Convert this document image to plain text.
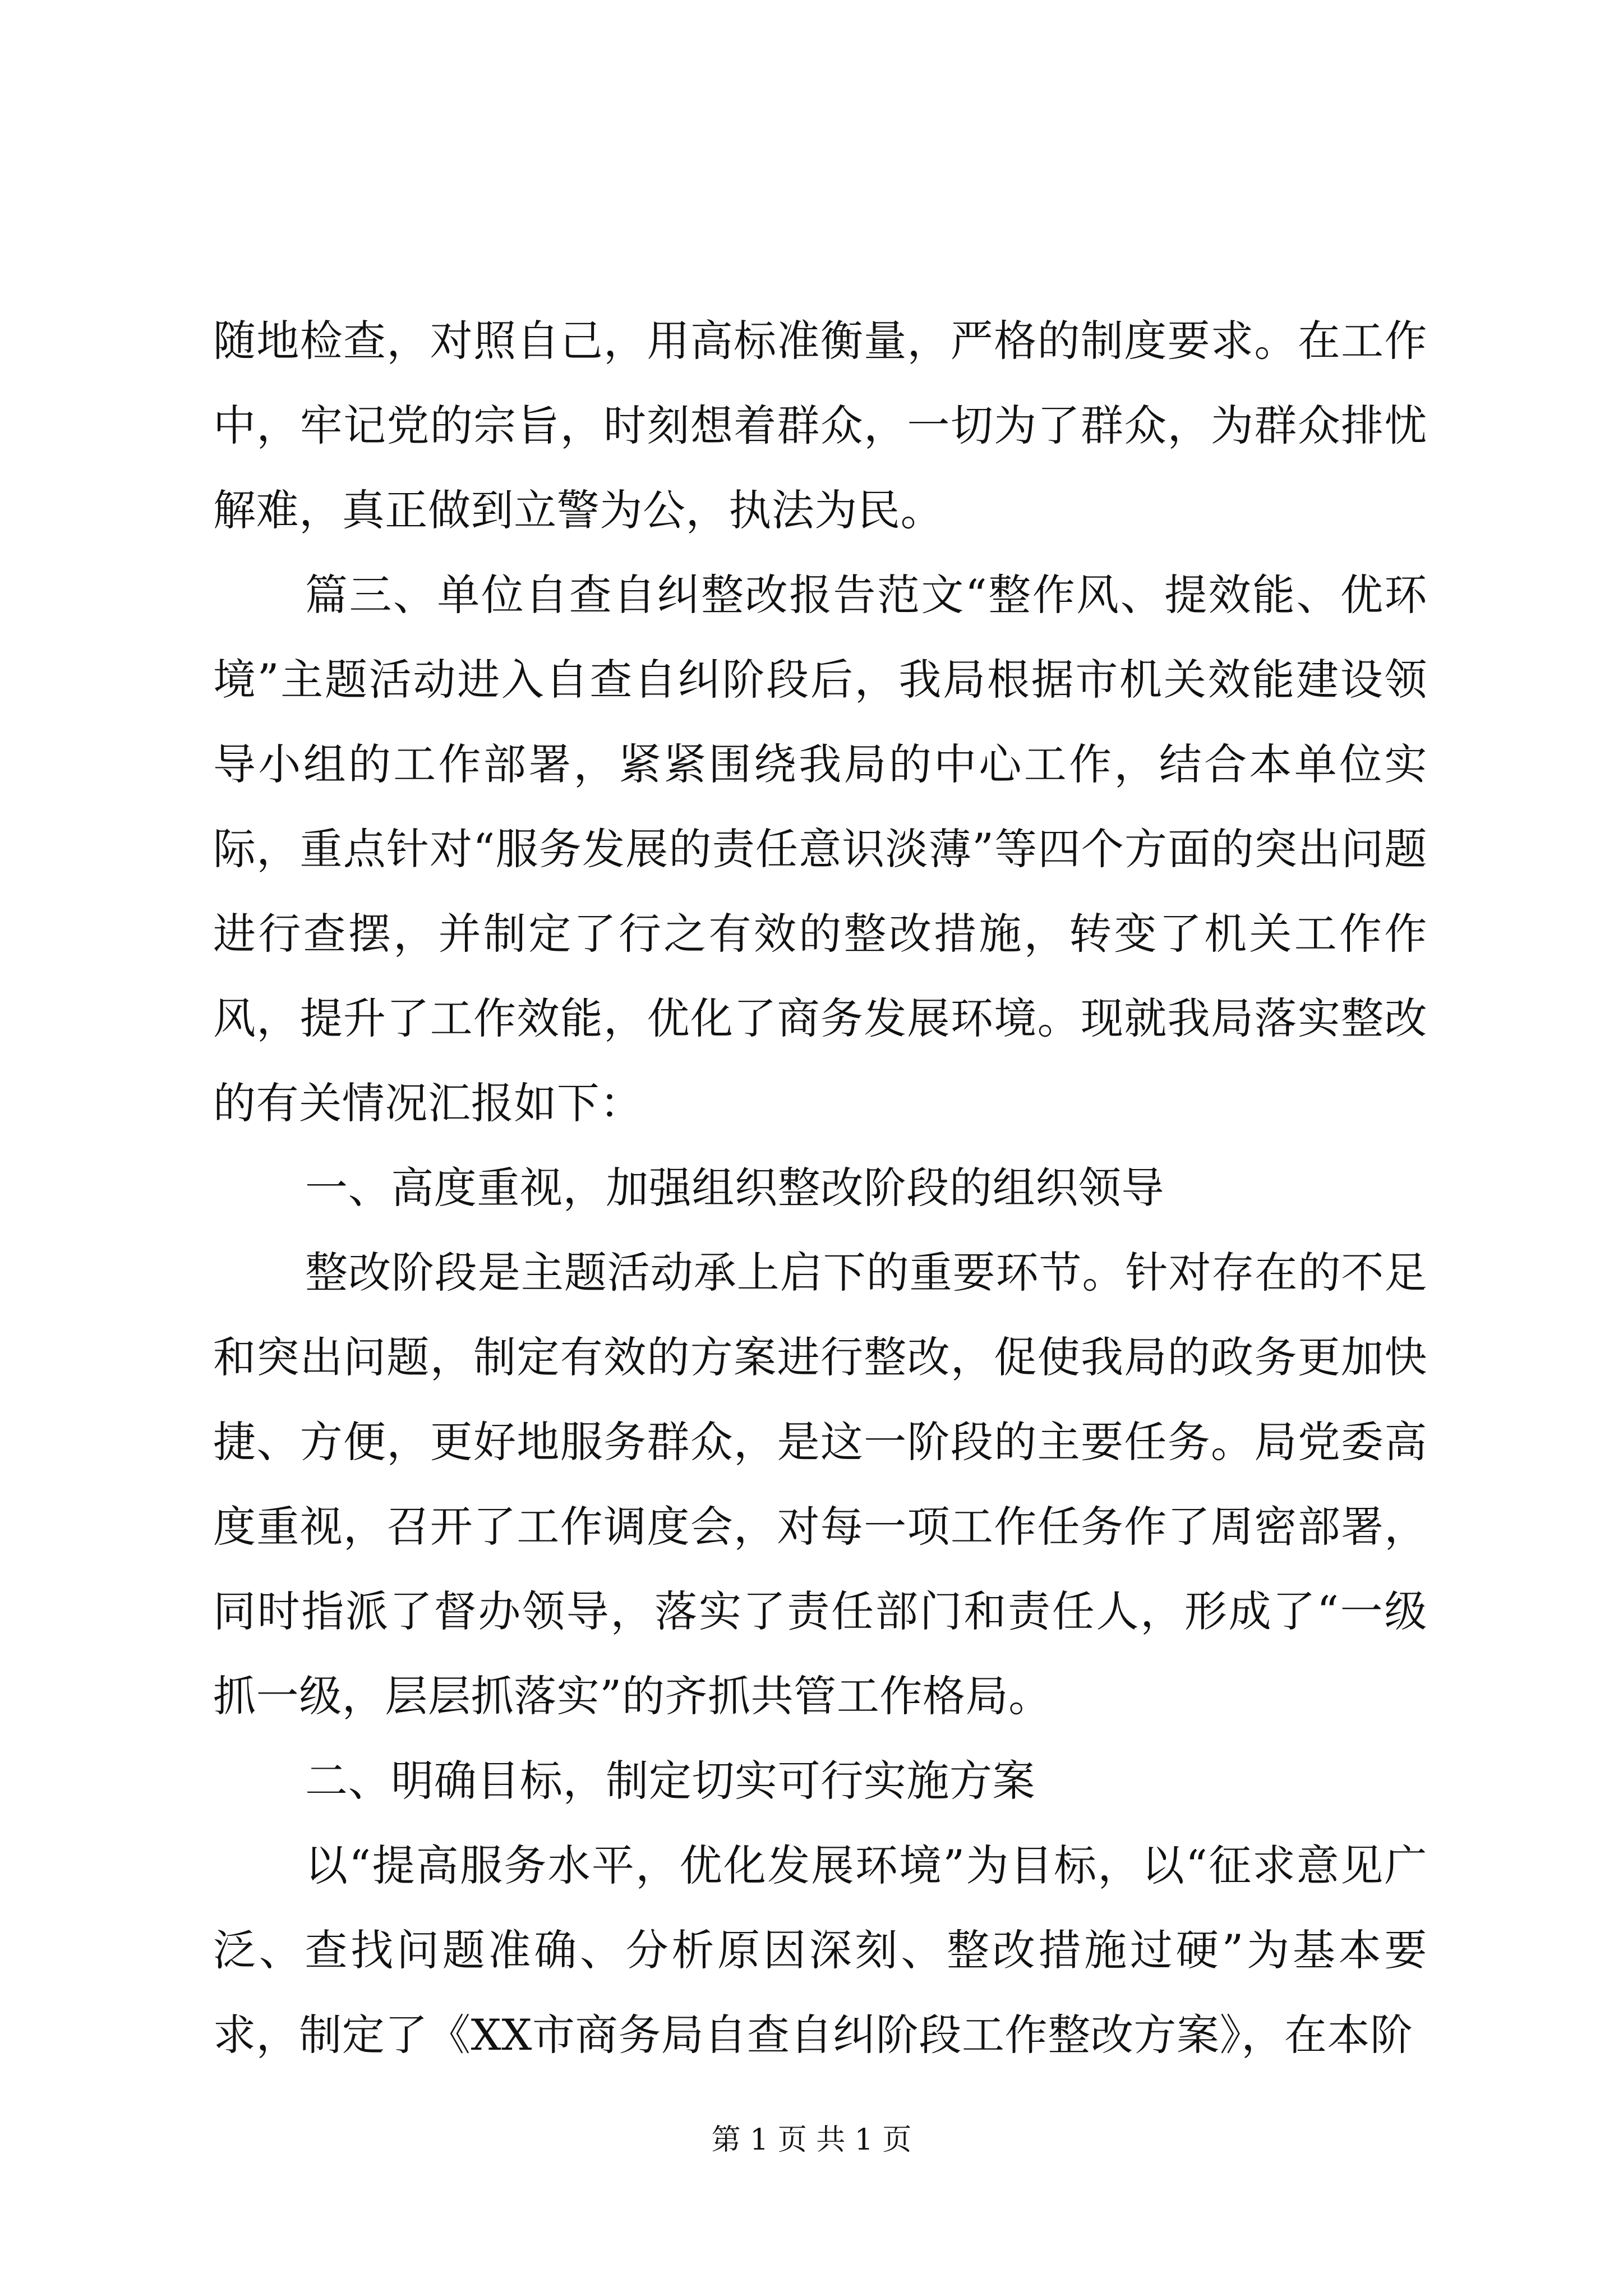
随地检查，对照自己，用高标准衡量，严格的制度要求。在工作中，牢记党的宗旨，时刻想着群众，一切为了群众，为群众排忧解难，真正做到立警为公，执法为民。

篇三、单位自查自纠整改报告范文“整作风、提效能、优环境”主题活动进入自查自纠阶段后，我局根据市机关效能建设领导小组的工作部署，紧紧围绕我局的中心工作，结合本单位实际，重点针对“服务发展的责任意识淡薄”等四个方面的突出问题进行查摆，并制定了行之有效的整改措施，转变了机关工作作风，提升了工作效能，优化了商务发展环境。现就我局落实整改的有关情况汇报如下：

一、高度重视，加强组织整改阶段的组织领导

整改阶段是主题活动承上启下的重要环节。针对存在的不足和突出问题，制定有效的方案进行整改，促使我局的政务更加快捷、方便，更好地服务群众，是这一阶段的主要任务。局党委高度重视，召开了工作调度会，对每一项工作任务作了周密部署，同时指派了督办领导，落实了责任部门和责任人，形成了“一级抓一级，层层抓落实”的齐抓共管工作格局。

二、明确目标，制定切实可行实施方案

以“提高服务水平，优化发展环境”为目标，以“征求意见广泛、查找问题准确、分析原因深刻、整改措施过硬”为基本要求，制定了《XX市商务局自查自纠阶段工作整改方案》，在本阶

第 1 页 共 1 页
